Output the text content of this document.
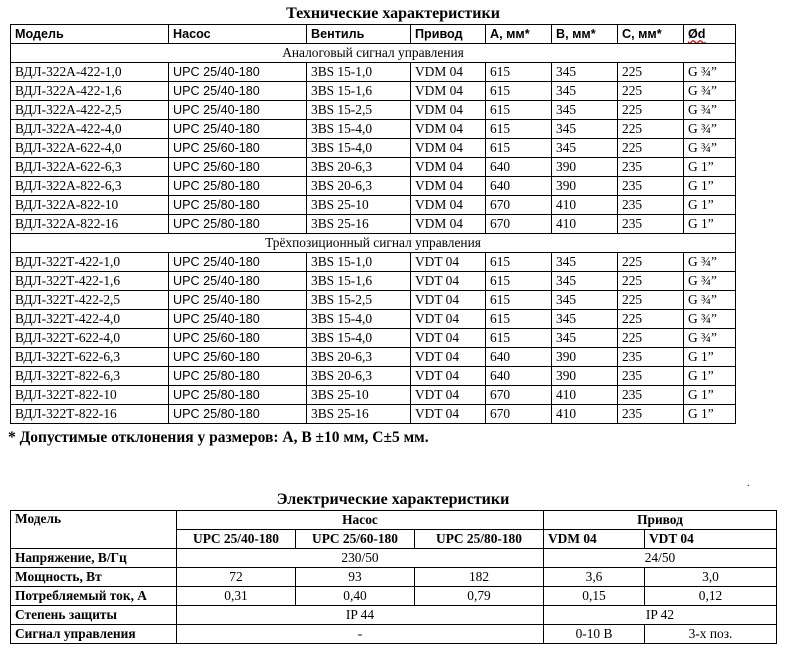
Технические характеристики
Модель	Насос	Вентиль	Привод	А, мм*	В, мм*	С, мм*	Ød
Аналоговый сигнал управления							
ВДЛ-322А-422-1,0	UPC 25/40-180	3BS 15-1,0	VDM 04	615	345	225	G ¾”
ВДЛ-322А-422-1,6	UPC 25/40-180	3BS 15-1,6	VDM 04	615	345	225	G ¾”
ВДЛ-322А-422-2,5	UPC 25/40-180	3BS 15-2,5	VDM 04	615	345	225	G ¾”
ВДЛ-322А-422-4,0	UPC 25/40-180	3BS 15-4,0	VDM 04	615	345	225	G ¾”
ВДЛ-322А-622-4,0	UPC 25/60-180	3BS 15-4,0	VDM 04	615	345	225	G ¾”
ВДЛ-322А-622-6,3	UPC 25/60-180	3BS 20-6,3	VDM 04	640	390	235	G 1”
ВДЛ-322А-822-6,3	UPC 25/80-180	3BS 20-6,3	VDM 04	640	390	235	G 1”
ВДЛ-322А-822-10	UPC 25/80-180	3BS 25-10	VDM 04	670	410	235	G 1”
ВДЛ-322А-822-16	UPC 25/80-180	3BS 25-16	VDM 04	670	410	235	G 1”
Трёхпозиционный сигнал управления							
ВДЛ-322Т-422-1,0	UPC 25/40-180	3BS 15-1,0	VDT 04	615	345	225	G ¾”
ВДЛ-322Т-422-1,6	UPC 25/40-180	3BS 15-1,6	VDT 04	615	345	225	G ¾”
ВДЛ-322Т-422-2,5	UPC 25/40-180	3BS 15-2,5	VDT 04	615	345	225	G ¾”
ВДЛ-322Т-422-4,0	UPC 25/40-180	3BS 15-4,0	VDT 04	615	345	225	G ¾”
ВДЛ-322Т-622-4,0	UPC 25/60-180	3BS 15-4,0	VDT 04	615	345	225	G ¾”
ВДЛ-322Т-622-6,3	UPC 25/60-180	3BS 20-6,3	VDT 04	640	390	235	G 1”
ВДЛ-322Т-822-6,3	UPC 25/80-180	3BS 20-6,3	VDT 04	640	390	235	G 1”
ВДЛ-322Т-822-10	UPC 25/80-180	3BS 25-10	VDT 04	670	410	235	G 1”
ВДЛ-322Т-822-16	UPC 25/80-180	3BS 25-16	VDT 04	670	410	235	G 1”
* Допустимые отклонения у размеров: А, В ±10 мм, С±5 мм.
.
Электрические характеристики
Модель	Насос			Привод	
	UPC 25/40-180	UPC 25/60-180	UPC 25/80-180	VDM 04	VDT 04
Напряжение, В/Гц	230/50			24/50	
Мощность, Вт	72	93	182	3,6	3,0
Потребляемый ток, А	0,31	0,40	0,79	0,15	0,12
Степень защиты	IP 44			IP 42	
Сигнал управления	-			0-10 В	3-х поз.
